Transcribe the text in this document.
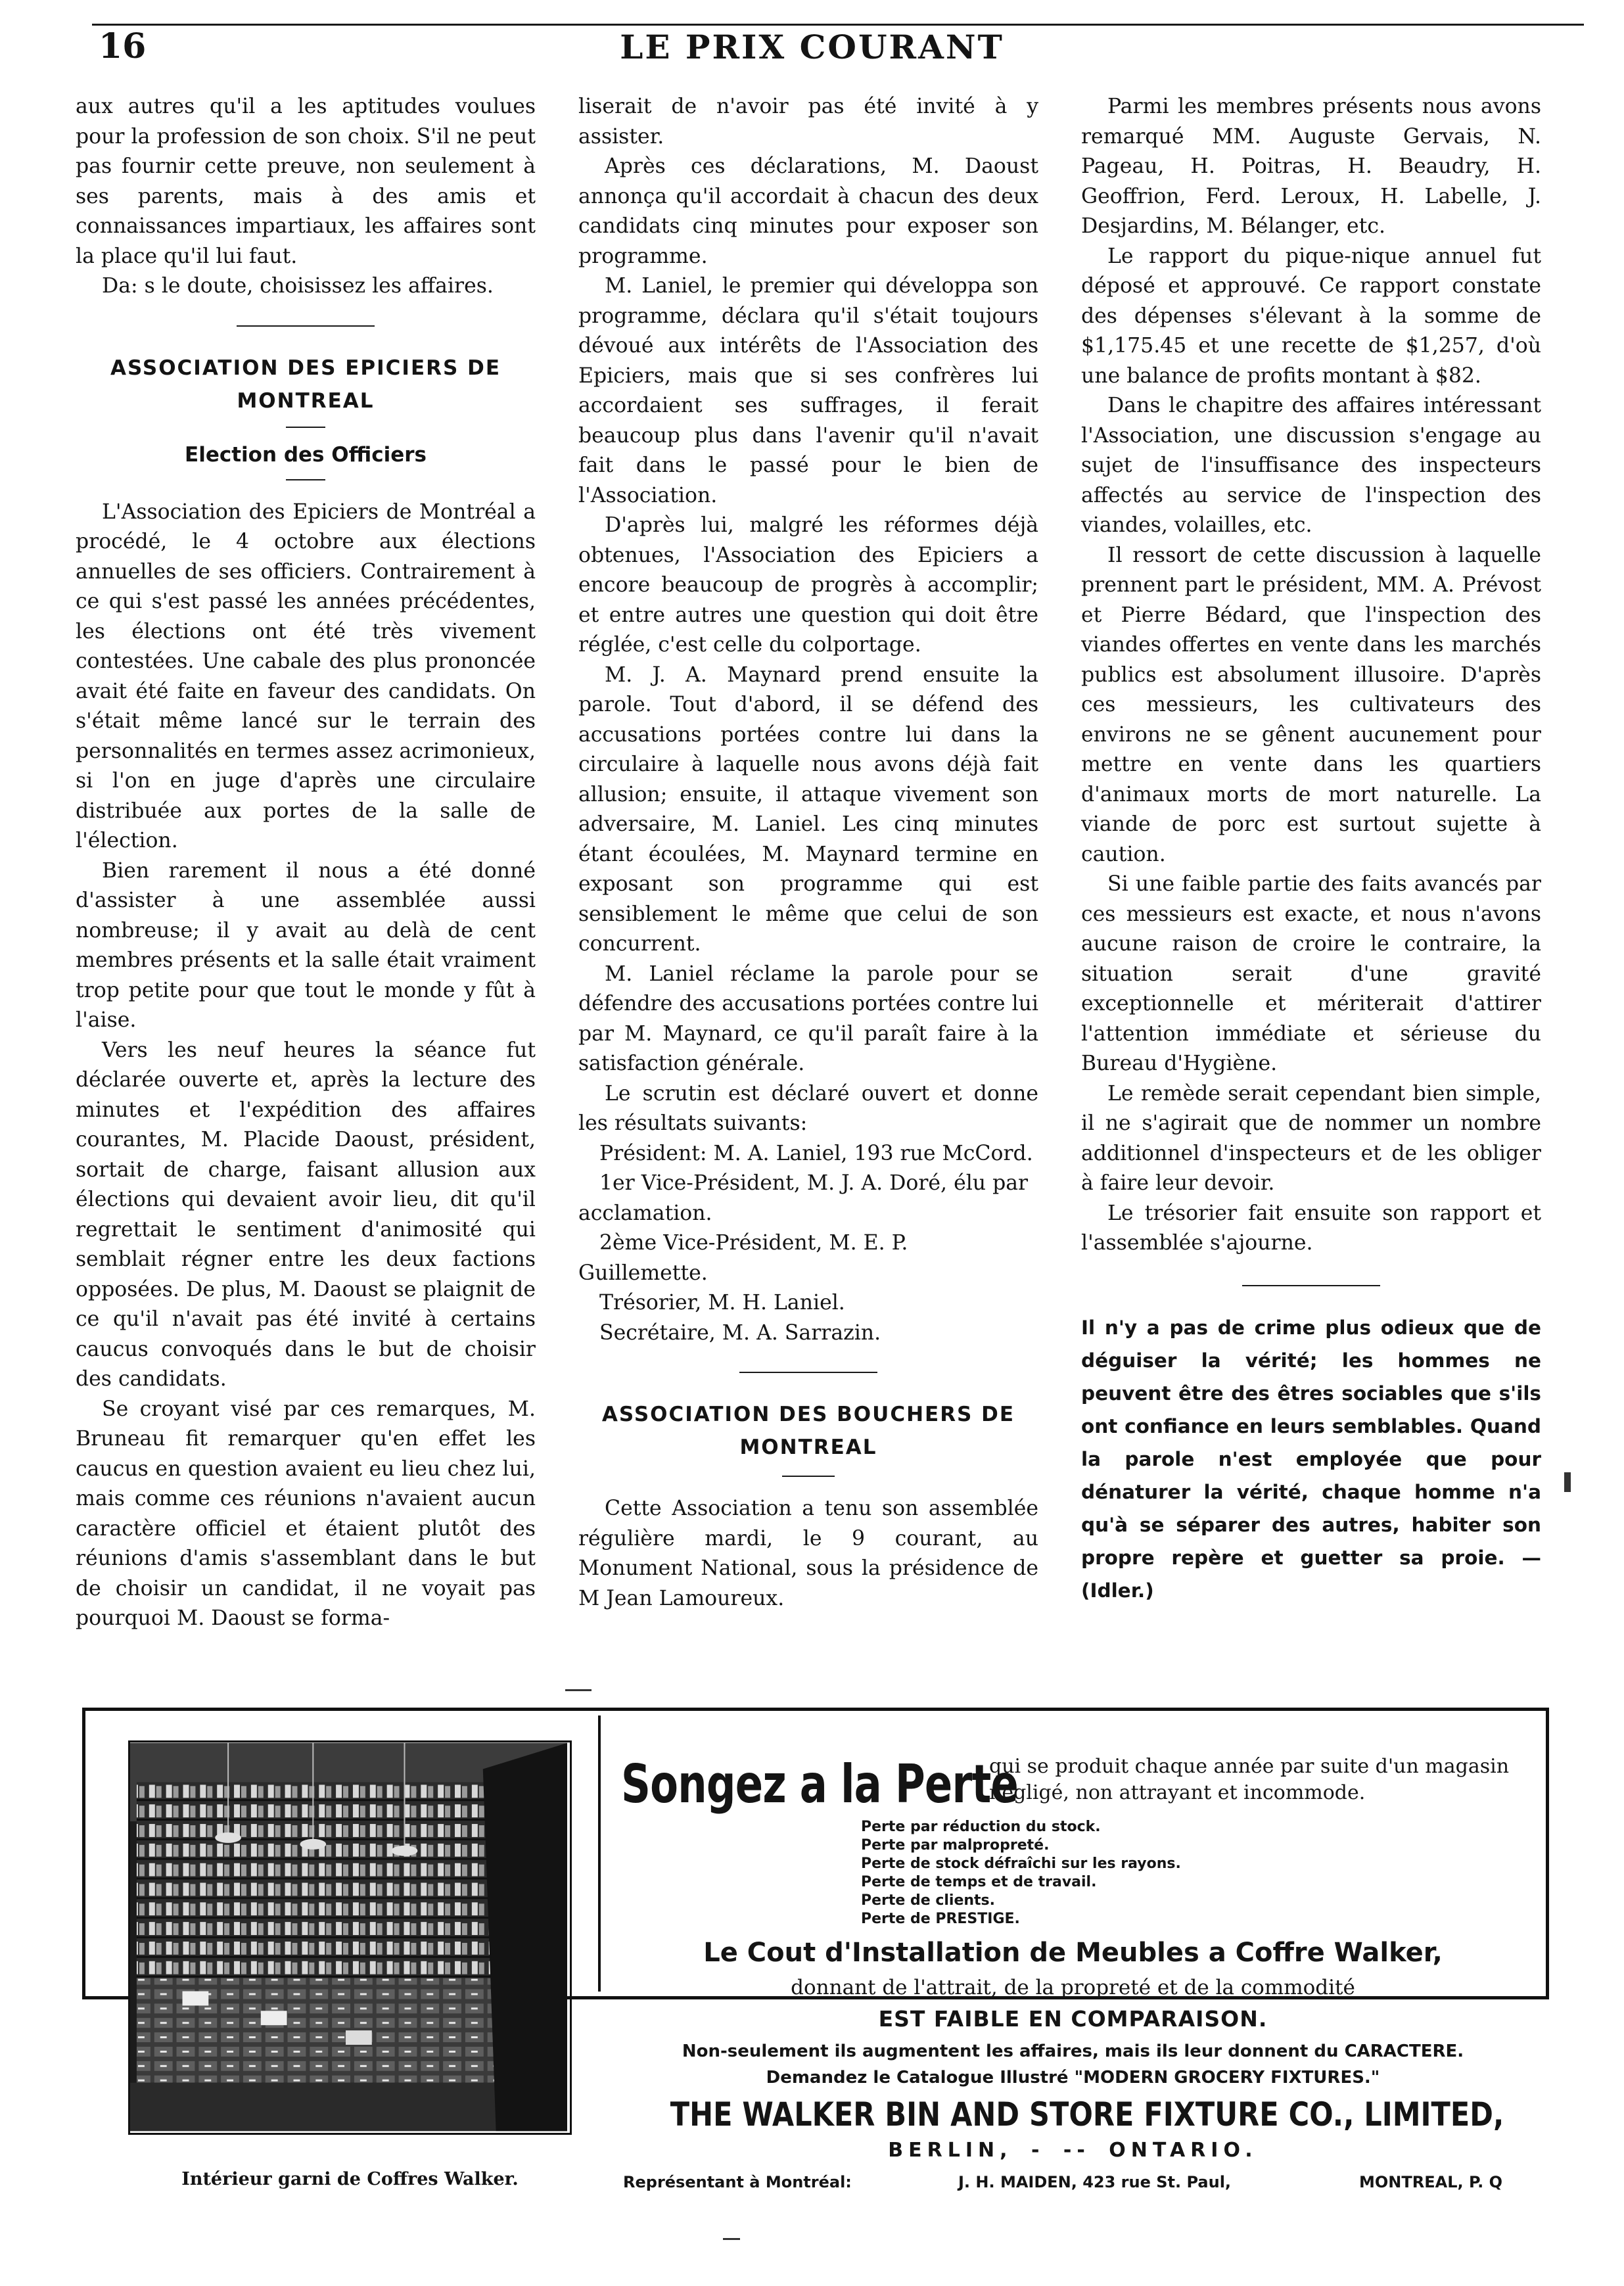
16	LE PRIX COURANT

aux autres qu'il a les aptitudes voulues pour la profession de son choix. S'il ne peut pas fournir cette preuve, non seulement à ses parents, mais à des amis et connaissances impartiaux, les affaires sont la place qu'il lui faut.

Da: s le doute, choisissez les affaires.

ASSOCIATION DES EPICIERS DE MONTREAL
Election des Officiers

L'Association des Epiciers de Montréal a procédé, le 4 octobre aux élections annuelles de ses officiers. Contrairement à ce qui s'est passé les années précédentes, les élections ont été très vivement contestées. Une cabale des plus prononcée avait été faite en faveur des candidats. On s'était même lancé sur le terrain des personnalités en termes assez acrimonieux, si l'on en juge d'après une circulaire distribuée aux portes de la salle de l'élection.

Bien rarement il nous a été donné d'assister à une assemblée aussi nombreuse; il y avait au delà de cent membres présents et la salle était vraiment trop petite pour que tout le monde y fût à l'aise.

Vers les neuf heures la séance fut déclarée ouverte et, après la lecture des minutes et l'expédition des affaires courantes, M. Placide Daoust, président, sortait de charge, faisant allusion aux élections qui devaient avoir lieu, dit qu'il regrettait le sentiment d'animosité qui semblait régner entre les deux factions opposées. De plus, M. Daoust se plaignit de ce qu'il n'avait pas été invité à certains caucus convoqués dans le but de choisir des candidats.

Se croyant visé par ces remarques, M. Bruneau fit remarquer qu'en effet les caucus en question avaient eu lieu chez lui, mais comme ces réunions n'avaient aucun caractère officiel et étaient plutôt des réunions d'amis s'assemblant dans le but de choisir un candidat, il ne voyait pas pourquoi M. Daoust se forma-

liserait de n'avoir pas été invité à y assister.

Après ces déclarations, M. Daoust annonça qu'il accordait à chacun des deux candidats cinq minutes pour exposer son programme.

M. Laniel, le premier qui développa son programme, déclara qu'il s'était toujours dévoué aux intérêts de l'Association des Epiciers, mais que si ses confrères lui accordaient ses suffrages, il ferait beaucoup plus dans l'avenir qu'il n'avait fait dans le passé pour le bien de l'Association.

D'après lui, malgré les réformes déjà obtenues, l'Association des Epiciers a encore beaucoup de progrès à accomplir; et entre autres une question qui doit être réglée, c'est celle du colportage.

M. J. A. Maynard prend ensuite la parole. Tout d'abord, il se défend des accusations portées contre lui dans la circulaire à laquelle nous avons déjà fait allusion; ensuite, il attaque vivement son adversaire, M. Laniel. Les cinq minutes étant écoulées, M. Maynard termine en exposant son programme qui est sensiblement le même que celui de son concurrent.

M. Laniel réclame la parole pour se défendre des accusations portées contre lui par M. Maynard, ce qu'il paraît faire à la satisfaction générale.

Le scrutin est déclaré ouvert et donne les résultats suivants:

Président: M. A. Laniel, 193 rue McCord.

1er Vice-Président, M. J. A. Doré, élu par acclamation.

2ème Vice-Président, M. E. P. Guillemette.

Trésorier, M. H. Laniel.

Secrétaire, M. A. Sarrazin.

ASSOCIATION DES BOUCHERS DE MONTREAL

Cette Association a tenu son assemblée régulière mardi, le 9 courant, au Monument National, sous la présidence de M Jean Lamoureux.

Parmi les membres présents nous avons remarqué MM. Auguste Gervais, N. Pageau, H. Poitras, H. Beaudry, H. Geoffrion, Ferd. Leroux, H. Labelle, J. Desjardins, M. Bélanger, etc.

Le rapport du pique-nique annuel fut déposé et approuvé. Ce rapport constate des dépenses s'élevant à la somme de $1,175.45 et une recette de $1,257, d'où une balance de profits montant à $82.

Dans le chapitre des affaires intéressant l'Association, une discussion s'engage au sujet de l'insuffisance des inspecteurs affectés au service de l'inspection des viandes, volailles, etc.

Il ressort de cette discussion à laquelle prennent part le président, MM. A. Prévost et Pierre Bédard, que l'inspection des viandes offertes en vente dans les marchés publics est absolument illusoire. D'après ces messieurs, les cultivateurs des environs ne se gênent aucunement pour mettre en vente dans les quartiers d'animaux morts de mort naturelle. La viande de porc est surtout sujette à caution.

Si une faible partie des faits avancés par ces messieurs est exacte, et nous n'avons aucune raison de croire le contraire, la situation serait d'une gravité exceptionnelle et mériterait d'attirer l'attention immédiate et sérieuse du Bureau d'Hygiène.

Le remède serait cependant bien simple, il ne s'agirait que de nommer un nombre additionnel d'inspecteurs et de les obliger à faire leur devoir.

Le trésorier fait ensuite son rapport et l'assemblée s'ajourne.

Il n'y a pas de crime plus odieux que de déguiser la vérité; les hommes ne peuvent être des êtres sociables que s'ils ont confiance en leurs semblables. Quand la parole n'est employée que pour dénaturer la vérité, chaque homme n'a qu'à se séparer des autres, habiter son propre repère et guetter sa proie. — (Idler.)
Intérieur garni de Coffres Walker.
Songez a la Perte
qui se produit chaque année par suite d'un magasin négligé, non attrayant et incommode.
Perte par réduction du stock.
Perte par malpropreté.
Perte de stock défraîchi sur les rayons.
Perte de temps et de travail.
Perte de clients.
Perte de PRESTIGE.
Le Cout d'Installation de Meubles a Coffre Walker,
donnant de l'attrait, de la propreté et de la commodité
EST FAIBLE EN COMPARAISON.
Non-seulement ils augmentent les affaires, mais ils leur donnent du CARACTERE.
Demandez le Catalogue Illustré "MODERN GROCERY FIXTURES."
THE WALKER BIN AND STORE FIXTURE CO., LIMITED,
BERLIN, - -- ONTARIO.
Représentant à Montréal:	J. H. MAIDEN, 423 rue St. Paul,	MONTREAL, P. Q
